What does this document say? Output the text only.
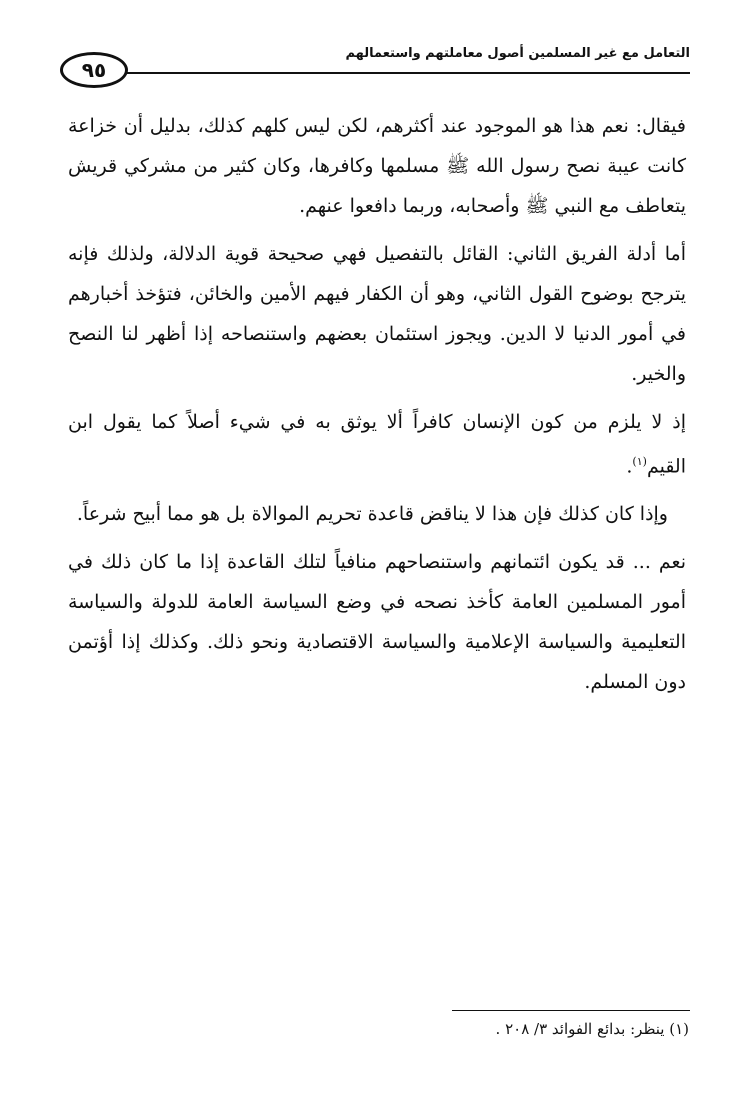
التعامل مع غير المسلمين أصول معاملتهم واستعمالهم
٩٥

فيقال: نعم هذا هو الموجود عند أكثرهم، لكن ليس كلهم كذلك، بدليل أن خزاعة كانت عيبة نصح رسول الله ﷺ مسلمها وكافرها، وكان كثير من مشركي قريش يتعاطف مع النبي ﷺ وأصحابه، وربما دافعوا عنهم.

أما أدلة الفريق الثاني: القائل بالتفصيل فهي صحيحة قوية الدلالة، ولذلك فإنه يترجح بوضوح القول الثاني، وهو أن الكفار فيهم الأمين والخائن، فتؤخذ أخبارهم في أمور الدنيا لا الدين. ويجوز استئمان بعضهم واستنصاحه إذا أظهر لنا النصح والخير.

إذ لا يلزم من كون الإنسان كافراً ألا يوثق به في شيء أصلاً كما يقول ابن القيم$^{(١)}$.

وإذا كان كذلك فإن هذا لا يناقض قاعدة تحريم الموالاة بل هو مما أبيح شرعاً.

نعم ... قد يكون ائتمانهم واستنصاحهم منافياً لتلك القاعدة إذا ما كان ذلك في أمور المسلمين العامة كأخذ نصحه في وضع السياسة العامة للدولة والسياسة التعليمية والسياسة الإعلامية والسياسة الاقتصادية ونحو ذلك. وكذلك إذا أؤتمن دون المسلم.

(١) ينظر: بدائع الفوائد ٣/ ٢٠٨ .
